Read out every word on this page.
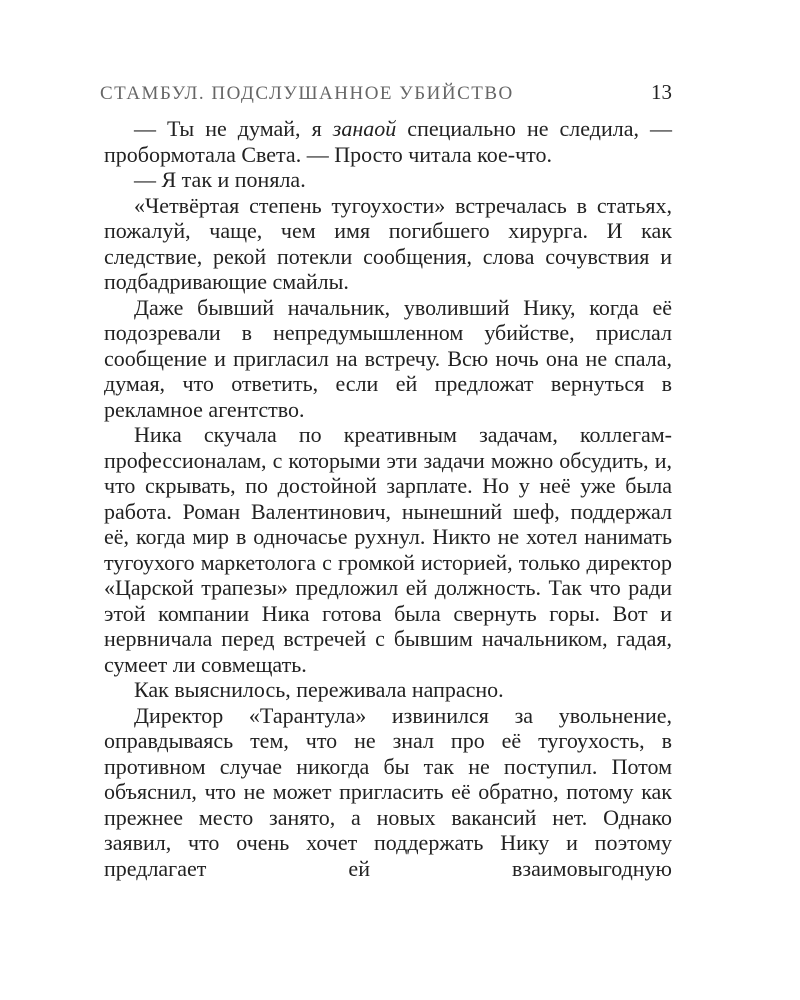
СТАМБУЛ. ПОДСЛУШАННОЕ УБИЙСТВО	13

— Ты не думай, я занаой специально не следила, — пробормотала Света. — Просто читала кое-что.

— Я так и поняла.

«Четвёртая степень тугоухости» встречалась в статьях, пожалуй, чаще, чем имя погибшего хирурга. И как следствие, рекой потекли сообщения, слова сочувствия и подбадривающие смайлы.

Даже бывший начальник, уволивший Нику, когда её подозревали в непредумышленном убийстве, прислал сообщение и пригласил на встречу. Всю ночь она не спала, думая, что ответить, если ей предложат вернуться в рекламное агентство.

Ника скучала по креативным задачам, коллегам-профессионалам, с которыми эти задачи можно обсудить, и, что скрывать, по достойной зарплате. Но у неё уже была работа. Роман Валентинович, нынешний шеф, поддержал её, когда мир в одночасье рухнул. Никто не хотел нанимать тугоухого маркетолога с громкой историей, только директор «Царской трапезы» предложил ей должность. Так что ради этой компании Ника готова была свернуть горы. Вот и нервничала перед встречей с бывшим начальником, гадая, сумеет ли совмещать.

Как выяснилось, переживала напрасно.

Директор «Тарантула» извинился за увольнение, оправдываясь тем, что не знал про её тугоухость, в противном случае никогда бы так не поступил. Потом объяснил, что не может пригласить её обратно, потому как прежнее место занято, а новых вакансий нет. Однако заявил, что очень хочет поддержать Нику и поэтому предлагает ей взаимовыгодную
